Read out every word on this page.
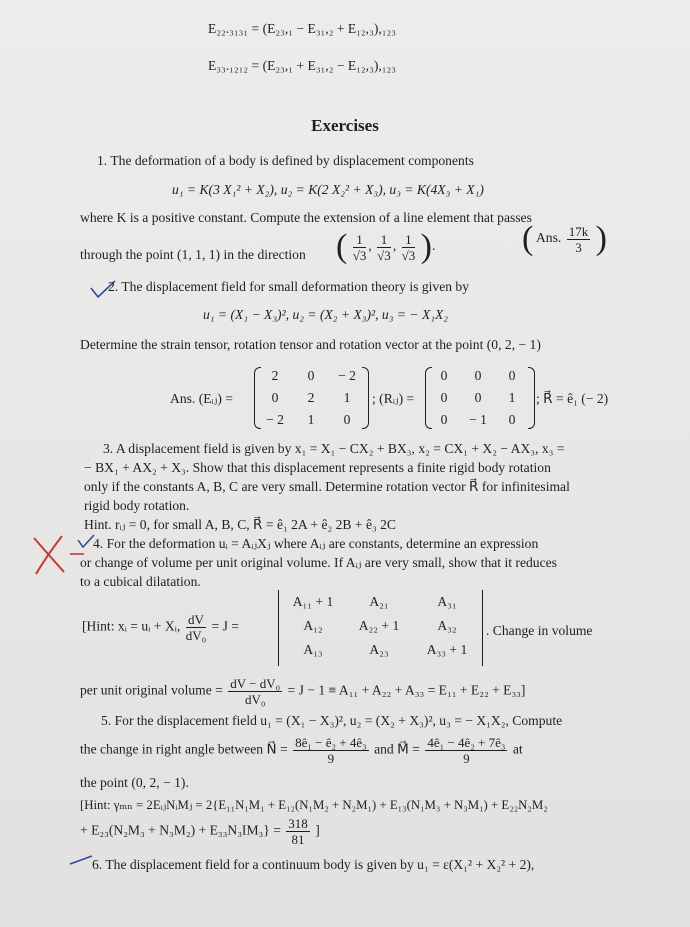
E₂₂.₃₁₃₁ = (E₂₃,₁ − E₃₁,₂ + E₁₂,₃),₁₂₃
E₃₃.₁₂₁₂ = (E₂₃,₁ + E₃₁,₂ − E₁₂,₃),₁₂₃
Exercises
1. The deformation of a body is defined by displacement components
u₁ = K(3 X₁² + X₂), u₂ = K(2 X₂² + X₃), u₃ = K(4X₃ + X₁)
where K is a positive constant. Compute the extension of a line element that passes
through the point (1, 1, 1) in the direction ( $\frac{1}{√3}$ , $\frac{1}{√3}$ , $\frac{1}{√3}$ ).	( Ans. $\frac{17k}{3}$ )
2. The displacement field for small deformation theory is given by
u₁ = (X₁ − X₃)², u₂ = (X₂ + X₃)², u₃ = − X₁X₂
Determine the strain tensor, rotation tensor and rotation vector at the point (0, 2, − 1)
Ans. (Eᵢⱼ) =
2	0	− 2
0	2	1
− 2	1	0
; (Rᵢⱼ) =
0	0	0
0	0	1
0	− 1	0
; R⃗ = ê₁ (− 2)
3. A displacement field is given by x₁ = X₁ − CX₂ + BX₃, x₂ = CX₁ + X₂ − AX₃, x₃ =
− BX₁ + AX₂ + X₃. Show that this displacement represents a finite rigid body rotation
only if the constants A, B, C are very small. Determine rotation vector R⃗ for infinitesimal
rigid body rotation.
Hint. rᵢⱼ = 0, for small A, B, C, R⃗ = ê₁ 2A + ê₂ 2B + ê₃ 2C
4. For the deformation uᵢ = AᵢⱼXⱼ where Aᵢⱼ are constants, determine an expression
or change of volume per unit original volume. If Aᵢⱼ are very small, show that it reduces
to a cubical dilatation.
[Hint: xᵢ = uᵢ + Xᵢ, $\frac{dV}{\text{dV₀}} = J$ =
A₁₁ + 1	A₂₁	A₃₁
A₁₂	A₂₂ + 1	A₃₂
A₁₃	A₂₃	A₃₃ + 1
. Change in volume
per unit original volume = $\frac{\text{dV − dV₀}}{\text{dV₀}} = J - 1 \equiv A_{11} + A_{22} + A_{33} = E_{11} + E_{22} + E_{33}$]
5. For the displacement field u₁ = (X₁ − X₃)², u₂ = (X₂ + X₃)², u₃ = − X₁X₂, Compute
the change in right angle between N⃗ = $\frac{\text{8ê₁ − ê₂ + 4ê₃}}{9}$ and M⃗ = $\frac{\text{4ê₁ − 4ê₂ + 7ê₃}}{9}$ at
the point (0, 2, − 1).
[Hint: γₘₙ = 2EᵢⱼNᵢMⱼ = 2{E₁₁N₁M₁ + E₁₂(N₁M₂ + N₂M₁) + E₁₃(N₁M₃ + N₃M₁) + E₂₂N₂M₂
+ $E_{23}(N_2M_3 + N_3M_2) + E_{33}N_3IM_3\} = \frac{318}{81}$ ]
6. The displacement field for a continuum body is given by u₁ = ε(X₁² + X₂² + 2),
